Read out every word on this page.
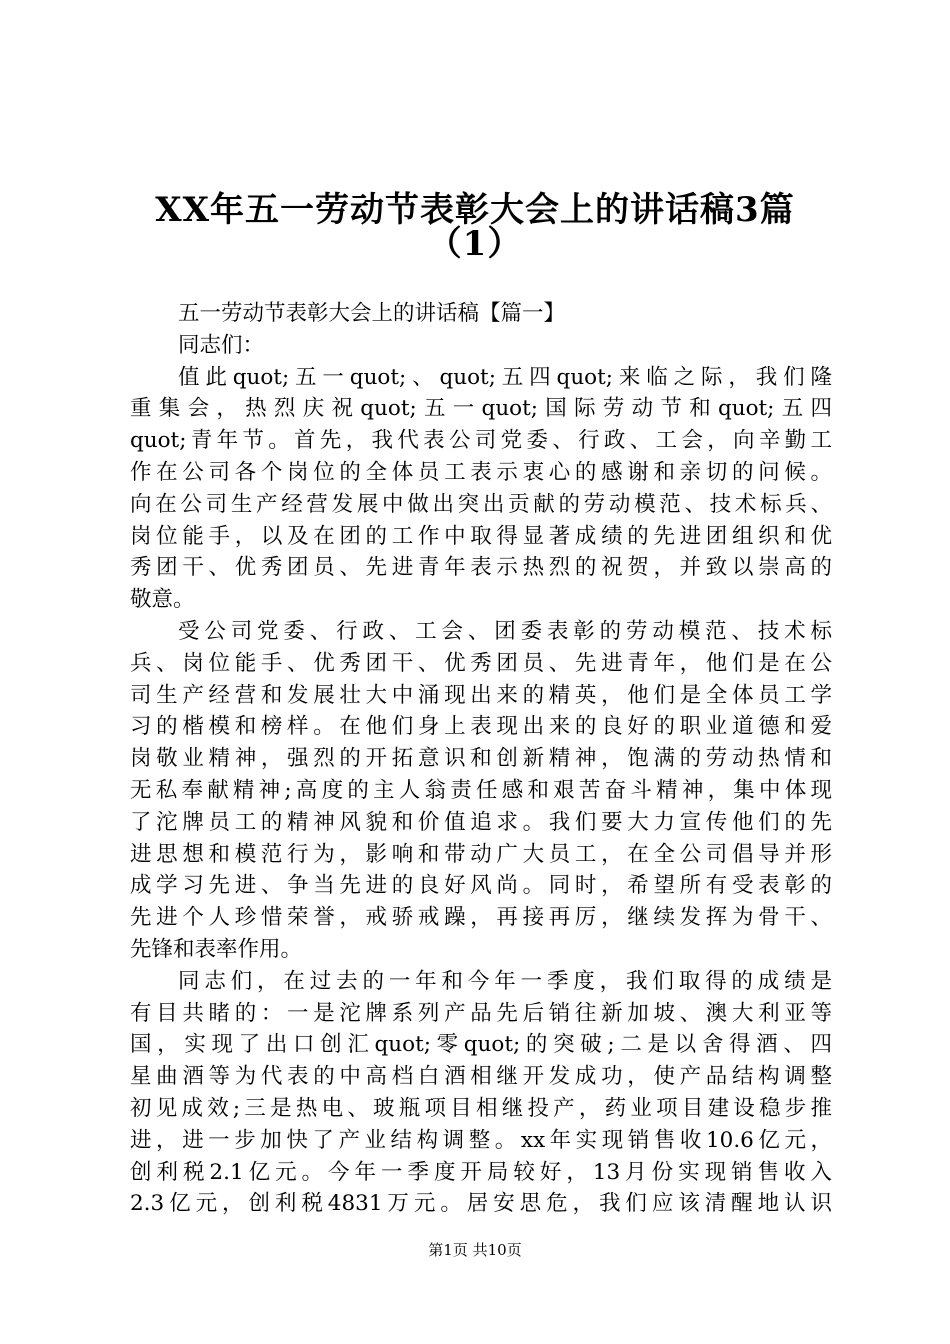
XX年五一劳动节表彰大会上的讲话稿3篇
（1）
五一劳动节表彰大会上的讲话稿【篇一】
同志们：
值此quot;五一quot;、quot;五四quot;来临之际，我们隆
重集会，热烈庆祝quot;五一quot;国际劳动节和quot;五四
quot;青年节。首先，我代表公司党委、行政、工会，向辛勤工
作在公司各个岗位的全体员工表示衷心的感谢和亲切的问候。
向在公司生产经营发展中做出突出贡献的劳动模范、技术标兵、
岗位能手，以及在团的工作中取得显著成绩的先进团组织和优
秀团干、优秀团员、先进青年表示热烈的祝贺，并致以崇高的
敬意。
受公司党委、行政、工会、团委表彰的劳动模范、技术标
兵、岗位能手、优秀团干、优秀团员、先进青年，他们是在公
司生产经营和发展壮大中涌现出来的精英，他们是全体员工学
习的楷模和榜样。在他们身上表现出来的良好的职业道德和爱
岗敬业精神，强烈的开拓意识和创新精神，饱满的劳动热情和
无私奉献精神;高度的主人翁责任感和艰苦奋斗精神，集中体现
了沱牌员工的精神风貌和价值追求。我们要大力宣传他们的先
进思想和模范行为，影响和带动广大员工，在全公司倡导并形
成学习先进、争当先进的良好风尚。同时，希望所有受表彰的
先进个人珍惜荣誉，戒骄戒躁，再接再厉，继续发挥为骨干、
先锋和表率作用。
同志们，在过去的一年和今年一季度，我们取得的成绩是
有目共睹的：一是沱牌系列产品先后销往新加坡、澳大利亚等
国，实现了出口创汇quot;零quot;的突破;二是以舍得酒、四
星曲酒等为代表的中高档白酒相继开发成功，使产品结构调整
初见成效;三是热电、玻瓶项目相继投产，药业项目建设稳步推
进，进一步加快了产业结构调整。xx年实现销售收10.6亿元，
创利税2.1亿元。今年一季度开局较好，13月份实现销售收入
2.3亿元，创利税4831万元。居安思危，我们应该清醒地认识
第1页 共10页
